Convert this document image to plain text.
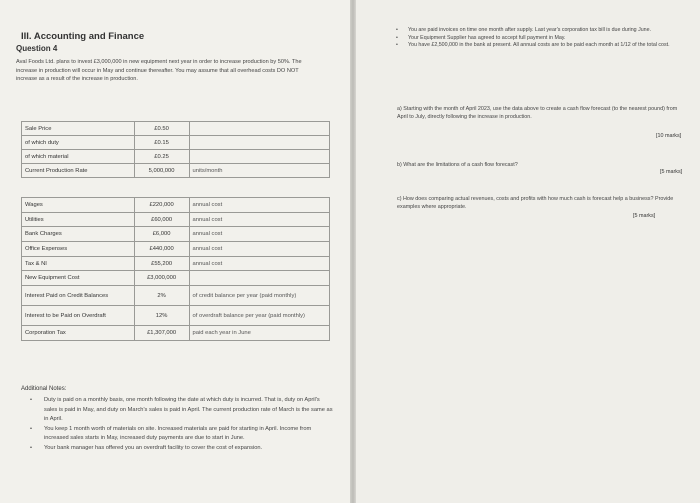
III. Accounting and Finance
Question 4
Aval Foods Ltd. plans to invest £3,000,000 in new equipment next year in order to increase production by 50%. The increase in production will occur in May and continue thereafter. You may assume that all overhead costs DO NOT increase as a result of the increase in production.
Sale Price	£0.50	
of which duty	£0.15	
of which material	£0.25	
Current Production Rate	5,000,000	units/month
Wages	£220,000	annual cost
Utilities	£60,000	annual cost
Bank Charges	£6,000	annual cost
Office Expenses	£440,000	annual cost
Tax & NI	£55,200	annual cost
New Equipment Cost	£3,000,000	
Interest Paid on Credit Balances	2%	of credit balance per year (paid monthly)
Interest to be Paid on Overdraft	12%	of overdraft balance per year (paid monthly)
Corporation Tax	£1,307,000	paid each year in June
Additional Notes:
• Duty is paid on a monthly basis, one month following the date at which duty is incurred. That is, duty on April's sales is paid in May, and duty on March's sales is paid in April. The current production rate of March is the same as in April.
• You keep 1 month worth of materials on site. Increased materials are paid for starting in April. Income from increased sales starts in May, increased duty payments are due to start in June.
• Your bank manager has offered you an overdraft facility to cover the cost of expansion.
• You are paid invoices on time one month after supply. Last year's corporation tax bill is due during June.
• Your Equipment Supplier has agreed to accept full payment in May.
• You have £2,500,000 in the bank at present. All annual costs are to be paid each month at 1/12 of the total cost.
a) Starting with the month of April 2023, use the data above to create a cash flow forecast (to the nearest pound) from April to July, directly following the increase in production.
[10 marks]
b) What are the limitations of a cash flow forecast?
[5 marks]
c) How does comparing actual revenues, costs and profits with how much cash is forecast help a business? Provide examples where appropriate.
[5 marks]
